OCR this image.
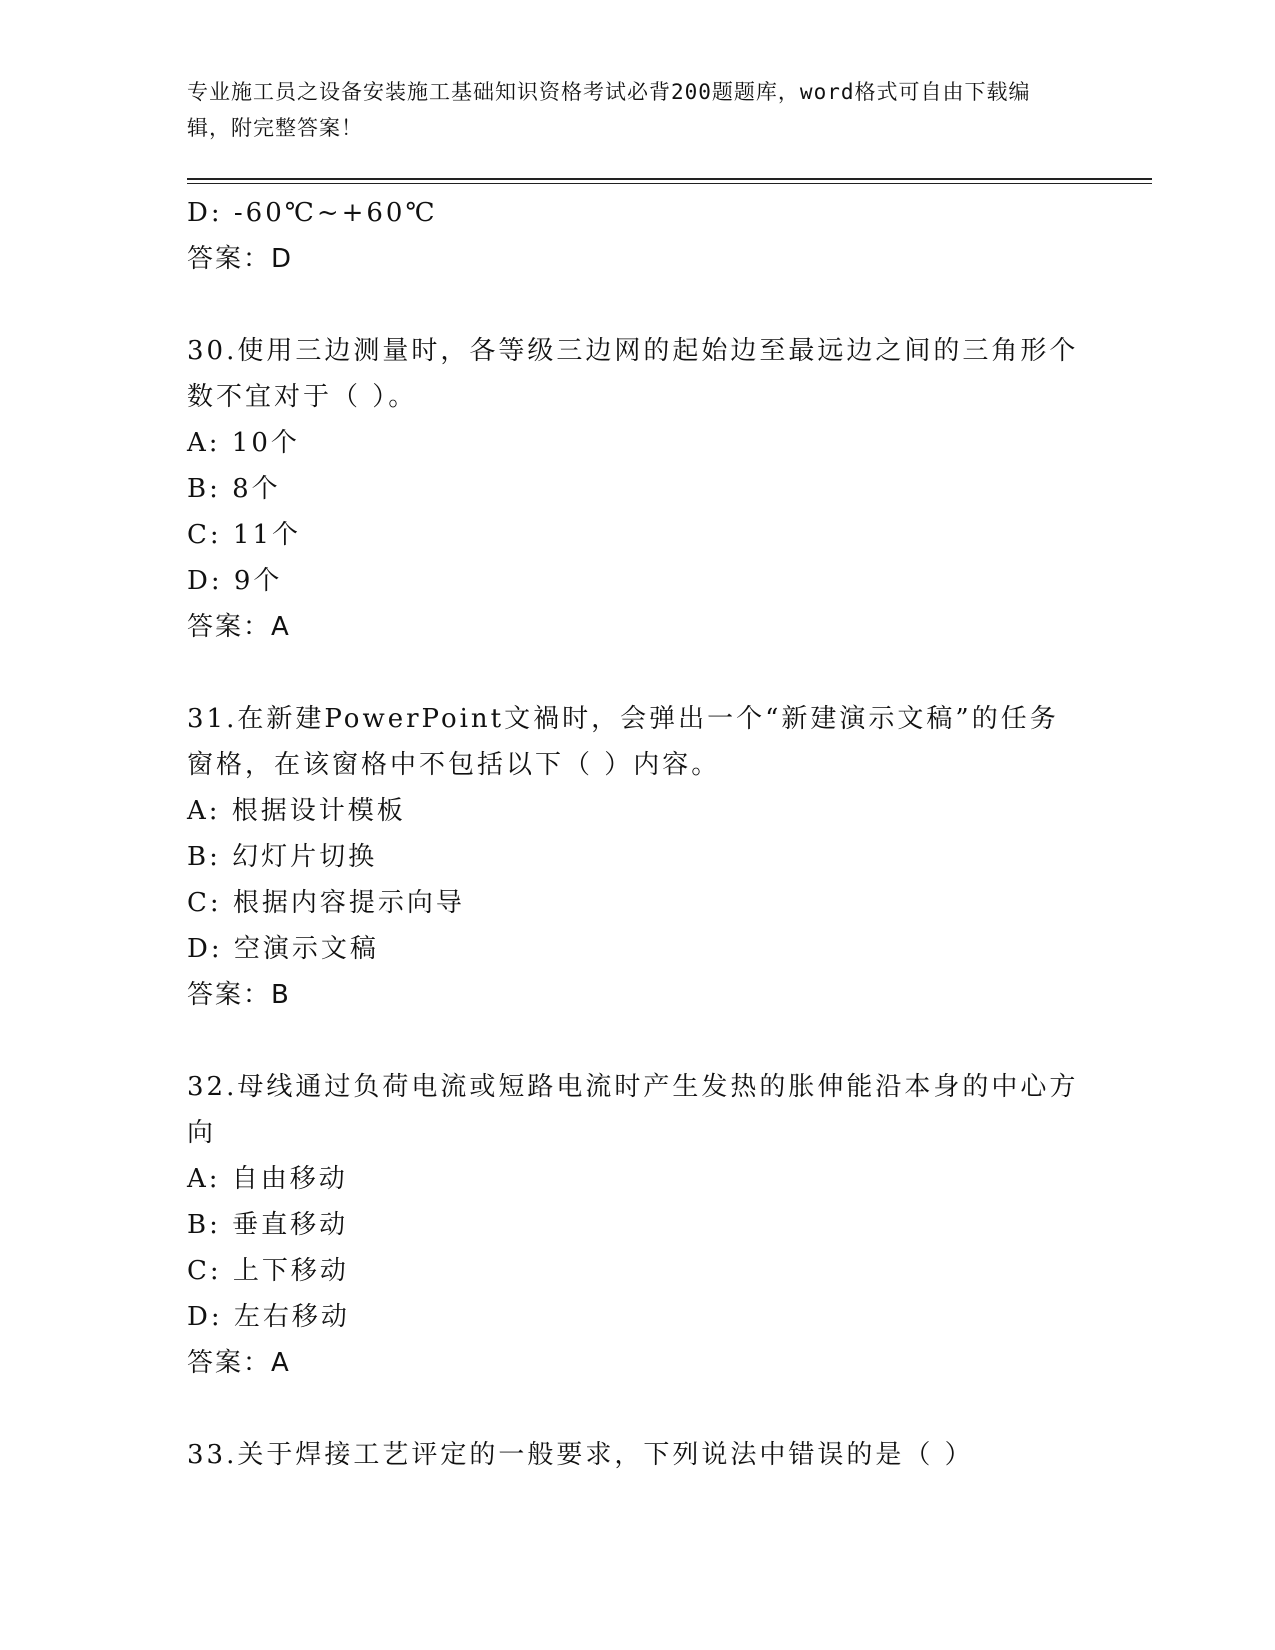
专业施工员之设备安装施工基础知识资格考试必背200题题库，word格式可自由下载编辑，附完整答案！
D: -60℃~+60℃
答案：D
30.使用三边测量时，各等级三边网的起始边至最远边之间的三角形个数不宜对于（ ）。
A: 10个
B: 8个
C: 11个
D: 9个
答案：A
31.在新建PowerPoint文禍时，会弹出一个“新建演示文稿”的任务窗格，在该窗格中不包括以下（ ）内容。
A: 根据设计模板
B: 幻灯片切换
C: 根据内容提示向导
D: 空演示文稿
答案：B
32.母线通过负荷电流或短路电流时产生发热的胀伸能沿本身的中心方向
A: 自由移动
B: 垂直移动
C: 上下移动
D: 左右移动
答案：A
33.关于焊接工艺评定的一般要求，下列说法中错误的是（ ）
